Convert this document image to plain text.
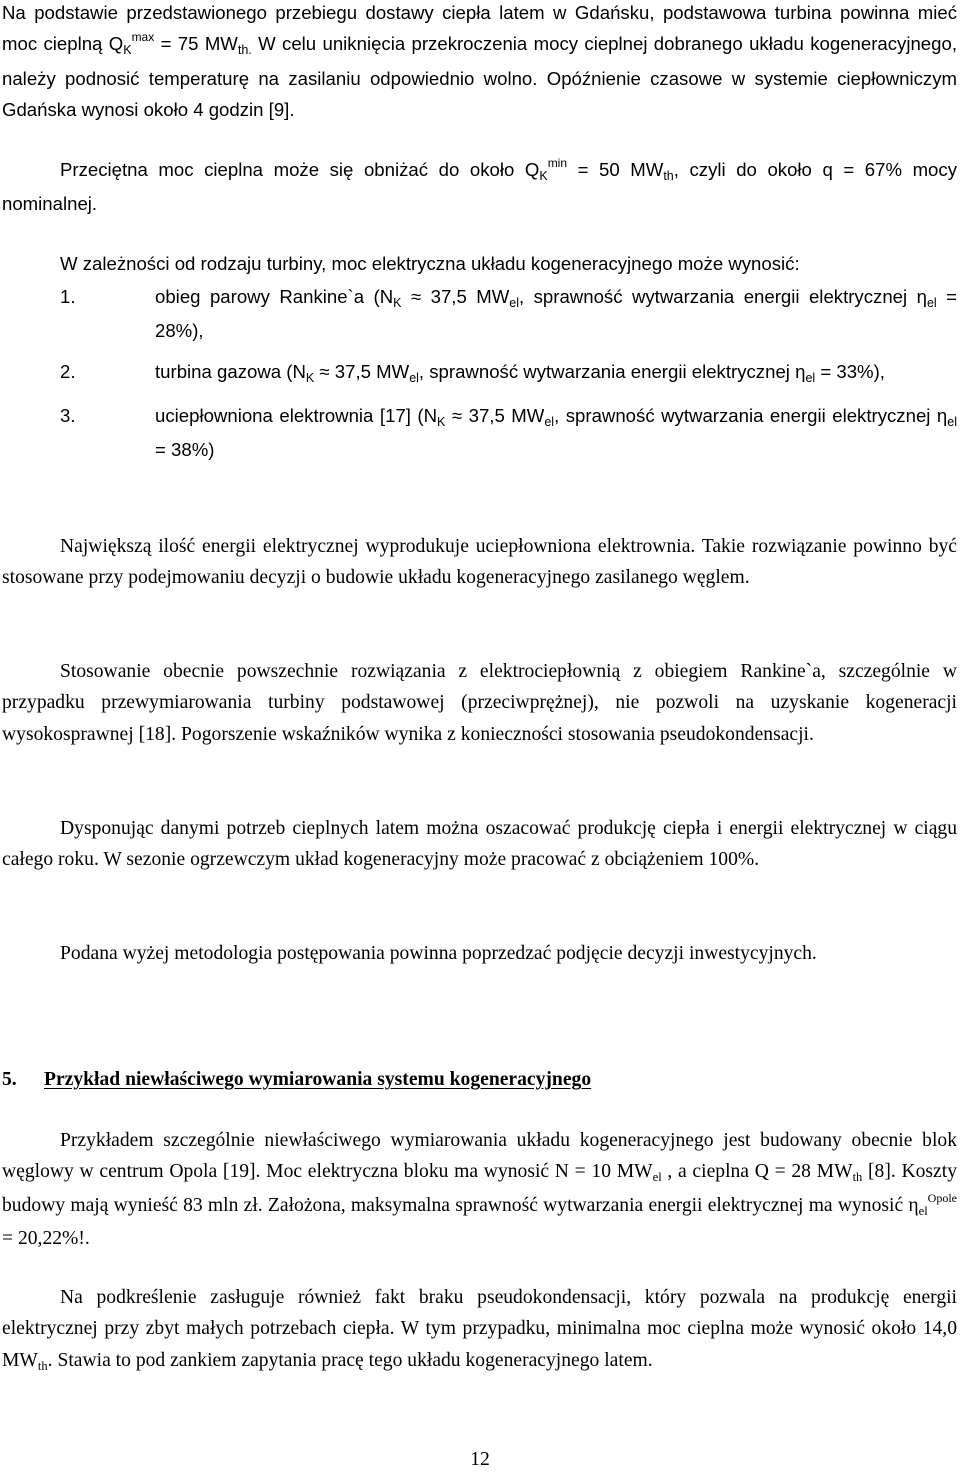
Na podstawie przedstawionego przebiegu dostawy ciepła latem w Gdańsku, podstawowa turbina powinna mieć moc cieplną $Q_K^{max} = 75$ $MW_{th.}$ W celu uniknięcia przekroczenia mocy cieplnej dobranego układu kogeneracyjnego, należy podnosić temperaturę na zasilaniu odpowiednio wolno. Opóźnienie czasowe w systemie ciepłowniczym Gdańska wynosi około 4 godzin [9].

Przeciętna moc cieplna może się obniżać do około $Q_K^{min} = 50$ $MW_{th}$, czyli do około q = 67% mocy nominalnej.

W zależności od rodzaju turbiny, moc elektryczna układu kogeneracyjnego może wynosić:

1.	obieg parowy Rankine`a ($N_K \approx 37,5$ $MW_{el}$, sprawność wytwarzania energii elektrycznej $\eta_{el} = 28\%$),
2.	turbina gazowa ($N_K \approx 37,5$ $MW_{el}$, sprawność wytwarzania energii elektrycznej $\eta_{el} = 33\%$),
3.	uciepłowniona elektrownia [17] ($N_K \approx 37,5$ $MW_{el}$, sprawność wytwarzania energii elektrycznej $\eta_{el} = 38\%$)

Największą ilość energii elektrycznej wyprodukuje uciepłowniona elektrownia. Takie rozwiązanie powinno być stosowane przy podejmowaniu decyzji o budowie układu kogeneracyjnego zasilanego węglem.

Stosowanie obecnie powszechnie rozwiązania z elektrociepłownią z obiegiem Rankine`a, szczególnie w przypadku przewymiarowania turbiny podstawowej (przeciwprężnej), nie pozwoli na uzyskanie kogeneracji wysokosprawnej [18]. Pogorszenie wskaźników wynika z konieczności stosowania pseudokondensacji.

Dysponując danymi potrzeb cieplnych latem można oszacować produkcję ciepła i energii elektrycznej w ciągu całego roku. W sezonie ogrzewczym układ kogeneracyjny może pracować z obciążeniem 100%.

Podana wyżej metodologia postępowania powinna poprzedzać podjęcie decyzji inwestycyjnych.

5. Przykład niewłaściwego wymiarowania systemu kogeneracyjnego

Przykładem szczególnie niewłaściwego wymiarowania układu kogeneracyjnego jest budowany obecnie blok węglowy w centrum Opola [19]. Moc elektryczna bloku ma wynosić N = 10 $MW_{el}$ , a cieplna Q = 28 $MW_{th}$ [8]. Koszty budowy mają wynieść 83 mln zł. Założona, maksymalna sprawność wytwarzania energii elektrycznej ma wynosić $\eta_{el}^{Opole} = 20,22\%$!.

Na podkreślenie zasługuje również fakt braku pseudokondensacji, który pozwala na produkcję energii elektrycznej przy zbyt małych potrzebach ciepła. W tym przypadku, minimalna moc cieplna może wynosić około 14,0 $MW_{th}$. Stawia to pod zankiem zapytania pracę tego układu kogeneracyjnego latem.

12
